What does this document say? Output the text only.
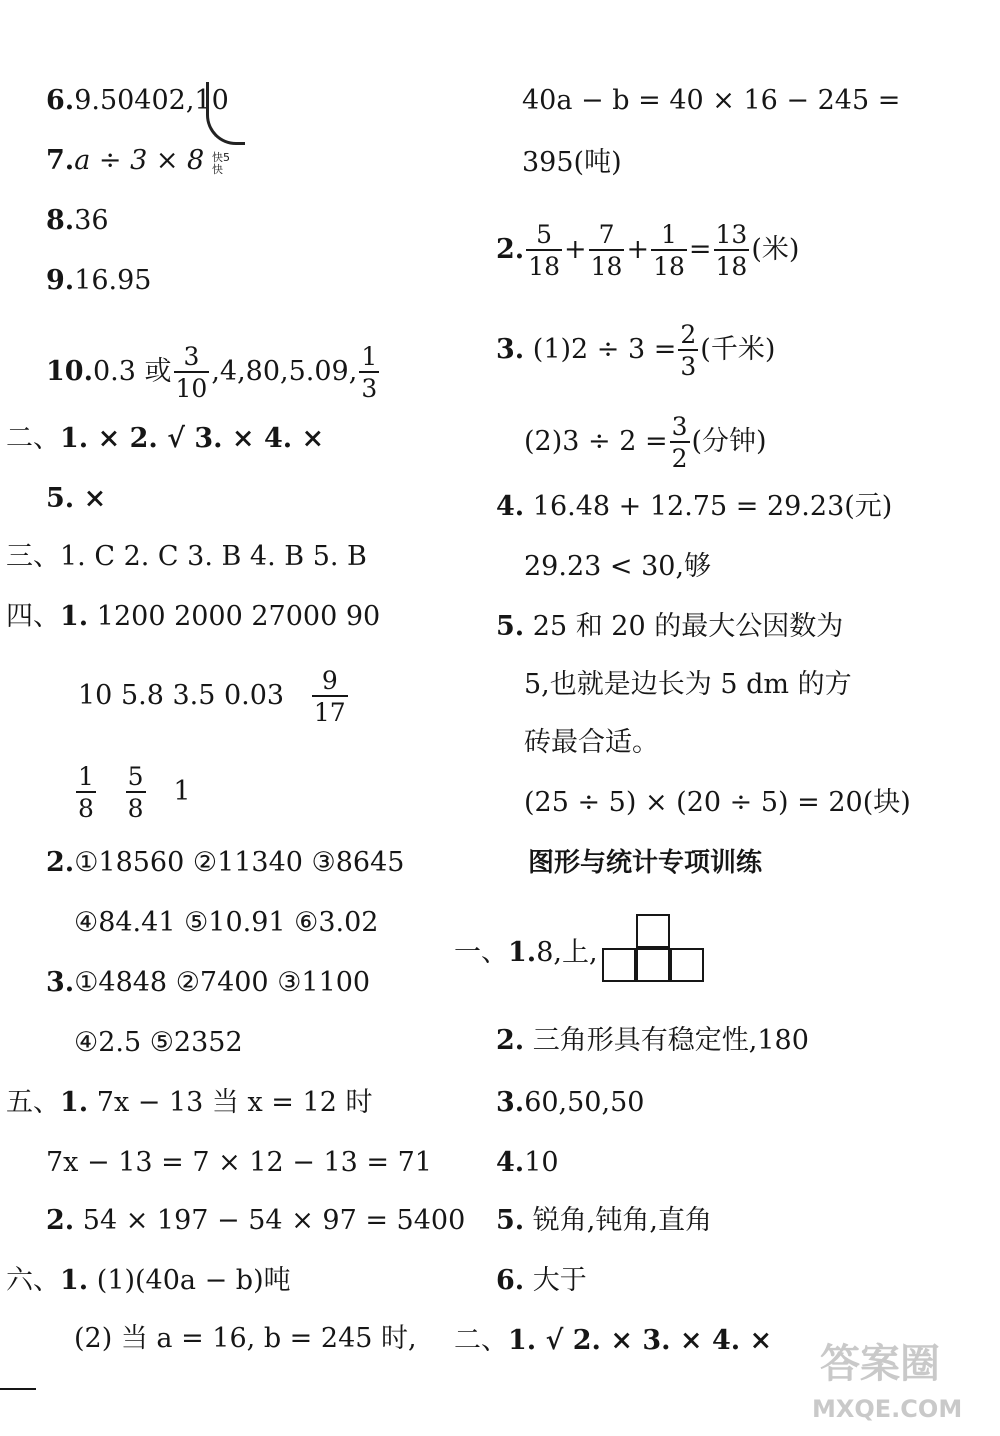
6.9.50402,10
7.a ÷ 3 × 8 快5
快
8.36
9.16.95
10.0.3 或 $\frac{3}{10} ,4,80,5.09$, $\frac{1}{3}$
二、1. × 2. √ 3. × 4. ×
5. ×
三、1. C 2. C 3. B 4. B 5. B
四、1. 1200 2000 27000 90
10 5.8 3.5 $0.03 \frac{9}{17}$
$\frac{1}{8}$
$\frac{5}{8} 1$
2.①18560 ②11340 ③8645
④84.41 ⑤10.91 ⑥3.02
3.①4848 ②7400 ③1100
④2.5 ⑤2352
五、1. 7x − 13 当 x = 12 时
7x − 13 = 7 × 12 − 13 = 71
2. 54 × 197 − 54 × 97 = 5400
六、1. (1)(40a − b)吨
(2) 当 a = 16, b = 245 时,
40a − b = 40 × 16 − 245 =
395(吨)
2. $\frac{5}{18} + \frac{7}{18} + \frac{1}{18} = \frac{13}{18}$ (米)
3. $(1)2 \div 3 = \frac{2}{3}$ (千米)
$(2)3 \div 2 = \frac{3}{2}$ (分钟)
4. 16.48 + 12.75 = 29.23(元)
29.23 < 30,够
5. 25 和 20 的最大公因数为
5,也就是边长为 5 dm 的方
砖最合适。
(25 ÷ 5) × (20 ÷ 5) = 20(块)
图形与统计专项训练
一、1.8,上,
2. 三角形具有稳定性,180
3.60,50,50
4.10
5. 锐角,钝角,直角
6. 大于
二、1. √ 2. × 3. × 4. ×
答案圈
MXQE.COM
